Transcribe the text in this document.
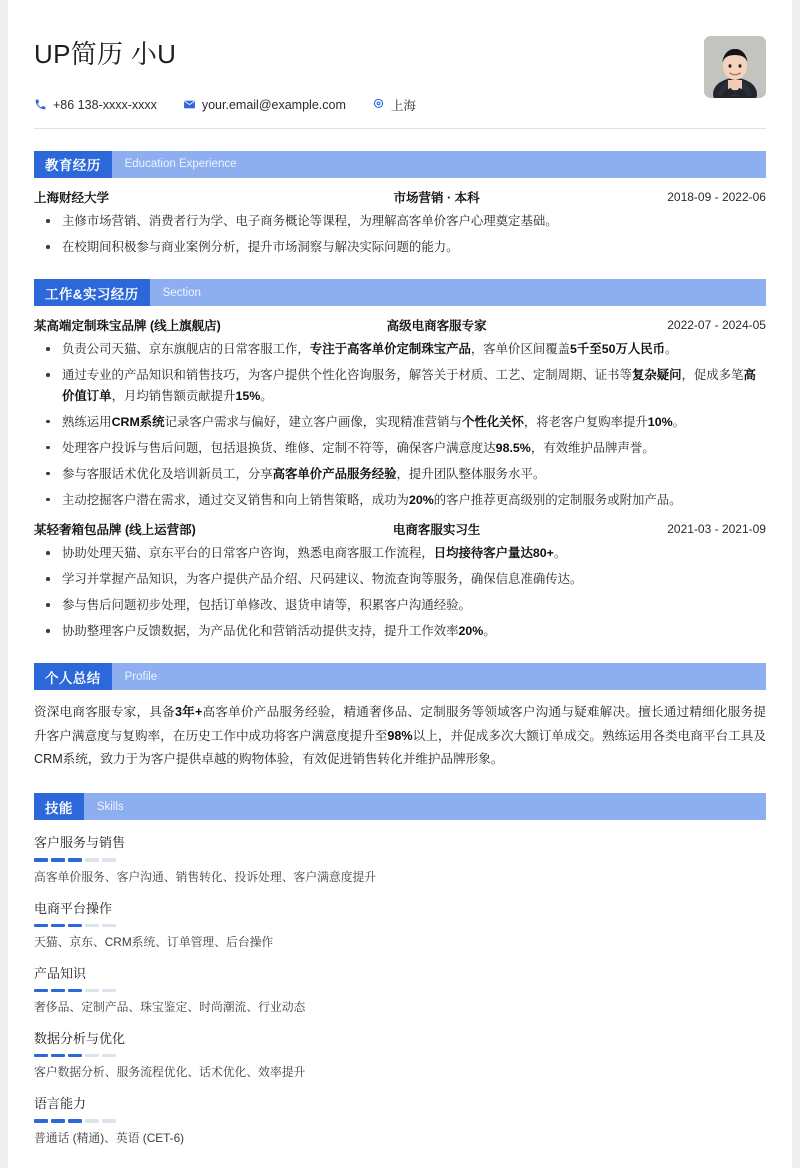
UP简历 小U
+86 138-xxxx-xxxx	your.email@example.com	上海
教育经历	Education Experience
上海财经大学	市场营销 · 本科	2018-09 - 2022-06
主修市场营销、消费者行为学、电子商务概论等课程，为理解高客单价客户心理奠定基础。
在校期间积极参与商业案例分析，提升市场洞察与解决实际问题的能力。
工作&实习经历	Section
某高端定制珠宝品牌 (线上旗舰店)	高级电商客服专家	2022-07 - 2024-05
负责公司天猫、京东旗舰店的日常客服工作，专注于高客单价定制珠宝产品，客单价区间覆盖5千至50万人民币。
通过专业的产品知识和销售技巧，为客户提供个性化咨询服务，解答关于材质、工艺、定制周期、证书等复杂疑问，促成多笔高价值订单，月均销售额贡献提升15%。
熟练运用CRM系统记录客户需求与偏好，建立客户画像，实现精准营销与个性化关怀，将老客户复购率提升10%。
处理客户投诉与售后问题，包括退换货、维修、定制不符等，确保客户满意度达98.5%，有效维护品牌声誉。
参与客服话术优化及培训新员工，分享高客单价产品服务经验，提升团队整体服务水平。
主动挖掘客户潜在需求，通过交叉销售和向上销售策略，成功为20%的客户推荐更高级别的定制服务或附加产品。
某轻奢箱包品牌 (线上运营部)	电商客服实习生	2021-03 - 2021-09
协助处理天猫、京东平台的日常客户咨询，熟悉电商客服工作流程，日均接待客户量达80+。
学习并掌握产品知识，为客户提供产品介绍、尺码建议、物流查询等服务，确保信息准确传达。
参与售后问题初步处理，包括订单修改、退货申请等，积累客户沟通经验。
协助整理客户反馈数据，为产品优化和营销活动提供支持，提升工作效率20%。
个人总结	Profile
资深电商客服专家，具备3年+高客单价产品服务经验，精通奢侈品、定制服务等领域客户沟通与疑难解决。擅长通过精细化服务提升客户满意度与复购率，在历史工作中成功将客户满意度提升至98%以上，并促成多次大额订单成交。熟练运用各类电商平台工具及CRM系统，致力于为客户提供卓越的购物体验，有效促进销售转化并维护品牌形象。
技能	Skills
客户服务与销售
高客单价服务、客户沟通、销售转化、投诉处理、客户满意度提升
电商平台操作
天猫、京东、CRM系统、订单管理、后台操作
产品知识
奢侈品、定制产品、珠宝鉴定、时尚潮流、行业动态
数据分析与优化
客户数据分析、服务流程优化、话术优化、效率提升
语言能力
普通话 (精通)、英语 (CET-6)
